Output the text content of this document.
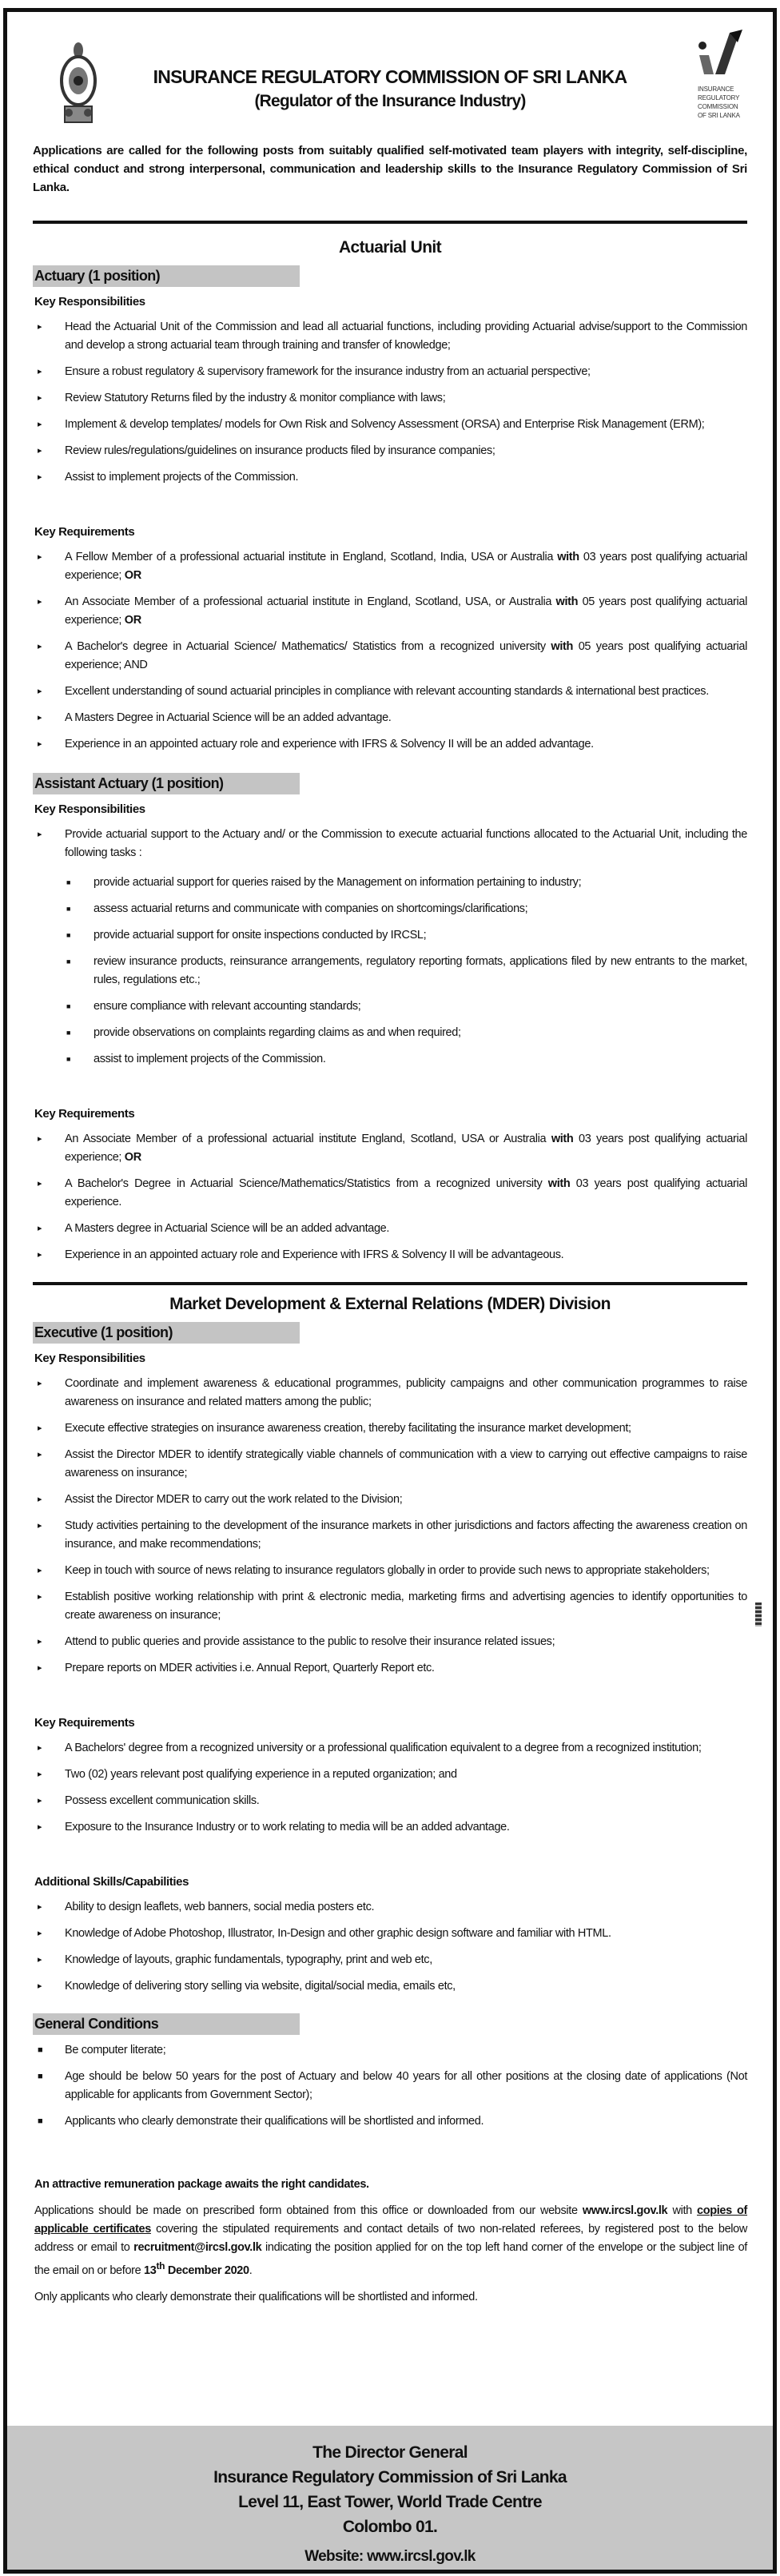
INSURANCE REGULATORY COMMISSION OF SRI LANKA
(Regulator of the Insurance Industry)
INSURANCE
REGULATORY
COMMISSION
OF SRI LANKA
Applications are called for the following posts from suitably qualified self-motivated team players with integrity, self-discipline, ethical conduct and strong interpersonal, communication and leadership skills to the Insurance Regulatory Commission of Sri Lanka.
Actuarial Unit
Actuary (1 position)
Key Responsibilities
▸ Head the Actuarial Unit of the Commission and lead all actuarial functions, including providing Actuarial advise/support to the Commission and develop a strong actuarial team through training and transfer of knowledge;
▸ Ensure a robust regulatory & supervisory framework for the insurance industry from an actuarial perspective;
▸ Review Statutory Returns filed by the industry & monitor compliance with laws;
▸ Implement & develop templates/ models for Own Risk and Solvency Assessment (ORSA) and Enterprise Risk Management (ERM);
▸ Review rules/regulations/guidelines on insurance products filed by insurance companies;
▸ Assist to implement projects of the Commission.
Key Requirements
▸ A Fellow Member of a professional actuarial institute in England, Scotland, India, USA or Australia with 03 years post qualifying actuarial experience; OR
▸ An Associate Member of a professional actuarial institute in England, Scotland, USA, or Australia with 05 years post qualifying actuarial experience; OR
▸ A Bachelor's degree in Actuarial Science/ Mathematics/ Statistics from a recognized university with 05 years post qualifying actuarial experience; AND
▸ Excellent understanding of sound actuarial principles in compliance with relevant accounting standards & international best practices.
▸ A Masters Degree in Actuarial Science will be an added advantage.
▸ Experience in an appointed actuary role and experience with IFRS & Solvency II will be an added advantage.
Assistant Actuary (1 position)
Key Responsibilities
▸ Provide actuarial support to the Actuary and/ or the Commission to execute actuarial functions allocated to the Actuarial Unit, including the following tasks :
■ provide actuarial support for queries raised by the Management on information pertaining to industry;
■ assess actuarial returns and communicate with companies on shortcomings/clarifications;
■ provide actuarial support for onsite inspections conducted by IRCSL;
■ review insurance products, reinsurance arrangements, regulatory reporting formats, applications filed by new entrants to the market, rules, regulations etc.;
■ ensure compliance with relevant accounting standards;
■ provide observations on complaints regarding claims as and when required;
■ assist to implement projects of the Commission.
Key Requirements
▸ An Associate Member of a professional actuarial institute England, Scotland, USA or Australia with 03 years post qualifying actuarial experience; OR
▸ A Bachelor's Degree in Actuarial Science/Mathematics/Statistics from a recognized university with 03 years post qualifying actuarial experience.
▸ A Masters degree in Actuarial Science will be an added advantage.
▸ Experience in an appointed actuary role and Experience with IFRS & Solvency II will be advantageous.
Market Development & External Relations (MDER) Division
Executive (1 position)
Key Responsibilities
▸ Coordinate and implement awareness & educational programmes, publicity campaigns and other communication programmes to raise awareness on insurance and related matters among the public;
▸ Execute effective strategies on insurance awareness creation, thereby facilitating the insurance market development;
▸ Assist the Director MDER to identify strategically viable channels of communication with a view to carrying out effective campaigns to raise awareness on insurance;
▸ Assist the Director MDER to carry out the work related to the Division;
▸ Study activities pertaining to the development of the insurance markets in other jurisdictions and factors affecting the awareness creation on insurance, and make recommendations;
▸ Keep in touch with source of news relating to insurance regulators globally in order to provide such news to appropriate stakeholders;
▸ Establish positive working relationship with print & electronic media, marketing firms and advertising agencies to identify opportunities to create awareness on insurance;
▸ Attend to public queries and provide assistance to the public to resolve their insurance related issues;
▸ Prepare reports on MDER activities i.e. Annual Report, Quarterly Report etc.
Key Requirements
▸ A Bachelors' degree from a recognized university or a professional qualification equivalent to a degree from a recognized institution;
▸ Two (02) years relevant post qualifying experience in a reputed organization; and
▸ Possess excellent communication skills.
▸ Exposure to the Insurance Industry or to work relating to media will be an added advantage.
Additional Skills/Capabilities
▸ Ability to design leaflets, web banners, social media posters etc.
▸ Knowledge of Adobe Photoshop, Illustrator, In-Design and other graphic design software and familiar with HTML.
▸ Knowledge of layouts, graphic fundamentals, typography, print and web etc,
▸ Knowledge of delivering story selling via website, digital/social media, emails etc,
General Conditions
■ Be computer literate;
■ Age should be below 50 years for the post of Actuary and below 40 years for all other positions at the closing date of applications (Not applicable for applicants from Government Sector);
■ Applicants who clearly demonstrate their qualifications will be shortlisted and informed.
An attractive remuneration package awaits the right candidates.
Applications should be made on prescribed form obtained from this office or downloaded from our website www.ircsl.gov.lk with copies of applicable certificates covering the stipulated requirements and contact details of two non-related referees, by registered post to the below address or email to recruitment@ircsl.gov.lk indicating the position applied for on the top left hand corner of the envelope or the subject line of the email on or before 13th December 2020.
Only applicants who clearly demonstrate their qualifications will be shortlisted and informed.
The Director General
Insurance Regulatory Commission of Sri Lanka
Level 11, East Tower, World Trade Centre
Colombo 01.
Website: www.ircsl.gov.lk
